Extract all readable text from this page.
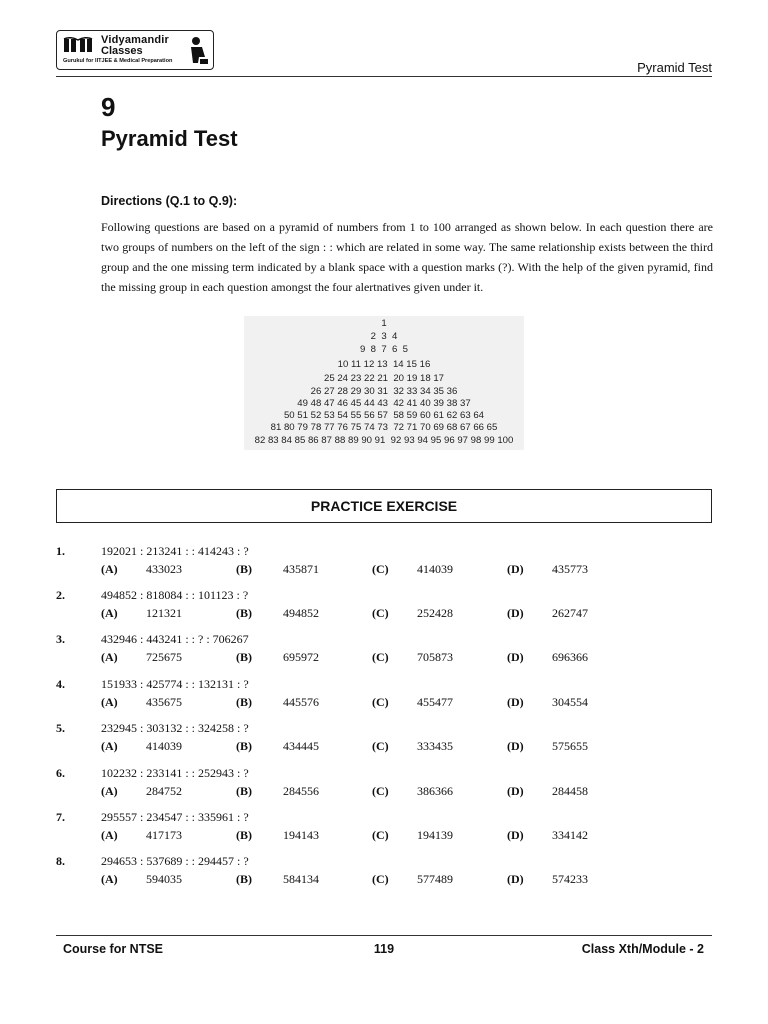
Vidyamandir
Classes
Gurukul for IITJEE & Medical Preparation	Pyramid Test
9
Pyramid Test
Directions (Q.1 to Q.9):

Following questions are based on a pyramid of numbers from 1 to 100 arranged as shown below. In each question there are two groups of numbers on the left of the sign : : which are related in some way. The same relationship exists between the third group and the one missing term indicated by a blank space with a question marks (?). With the help of the given pyramid, find the missing group in each question amongst the four alertnatives given under it.

1
2  3  4
9  8  7  6  5
10 11 12 13  14 15 16
25 24 23 22 21  20 19 18 17
26 27 28 29 30 31  32 33 34 35 36
49 48 47 46 45 44 43  42 41 40 39 38 37
50 51 52 53 54 55 56 57  58 59 60 61 62 63 64
81 80 79 78 77 76 75 74 73  72 71 70 69 68 67 66 65
82 83 84 85 86 87 88 89 90 91  92 93 94 95 96 97 98 99 100
PRACTICE EXERCISE
1.	192021 : 213241 : : 414243 : ?
(A) 433023	(B)	435871	(C) 414039	(D) 435773
2.	494852 : 818084 : : 101123 : ?
(A) 121321	(B)	494852	(C) 252428	(D) 262747
3.	432946 : 443241 : : ? : 706267
(A) 725675	(B)	695972	(C) 705873	(D) 696366
4.	151933 : 425774 : : 132131 : ?
(A) 435675	(B)	445576	(C) 455477	(D) 304554
5.	232945 : 303132 : : 324258 : ?
(A) 414039	(B)	434445	(C) 333435	(D) 575655
6.	102232 : 233141 : : 252943 : ?
(A) 284752	(B)	284556	(C) 386366	(D) 284458
7.	295557 : 234547 : : 335961 : ?
(A) 417173	(B)	194143	(C) 194139	(D) 334142
8.	294653 : 537689 : : 294457 : ?
(A) 594035	(B)	584134	(C) 577489	(D) 574233
Course for NTSE	119	Class Xth/Module - 2
